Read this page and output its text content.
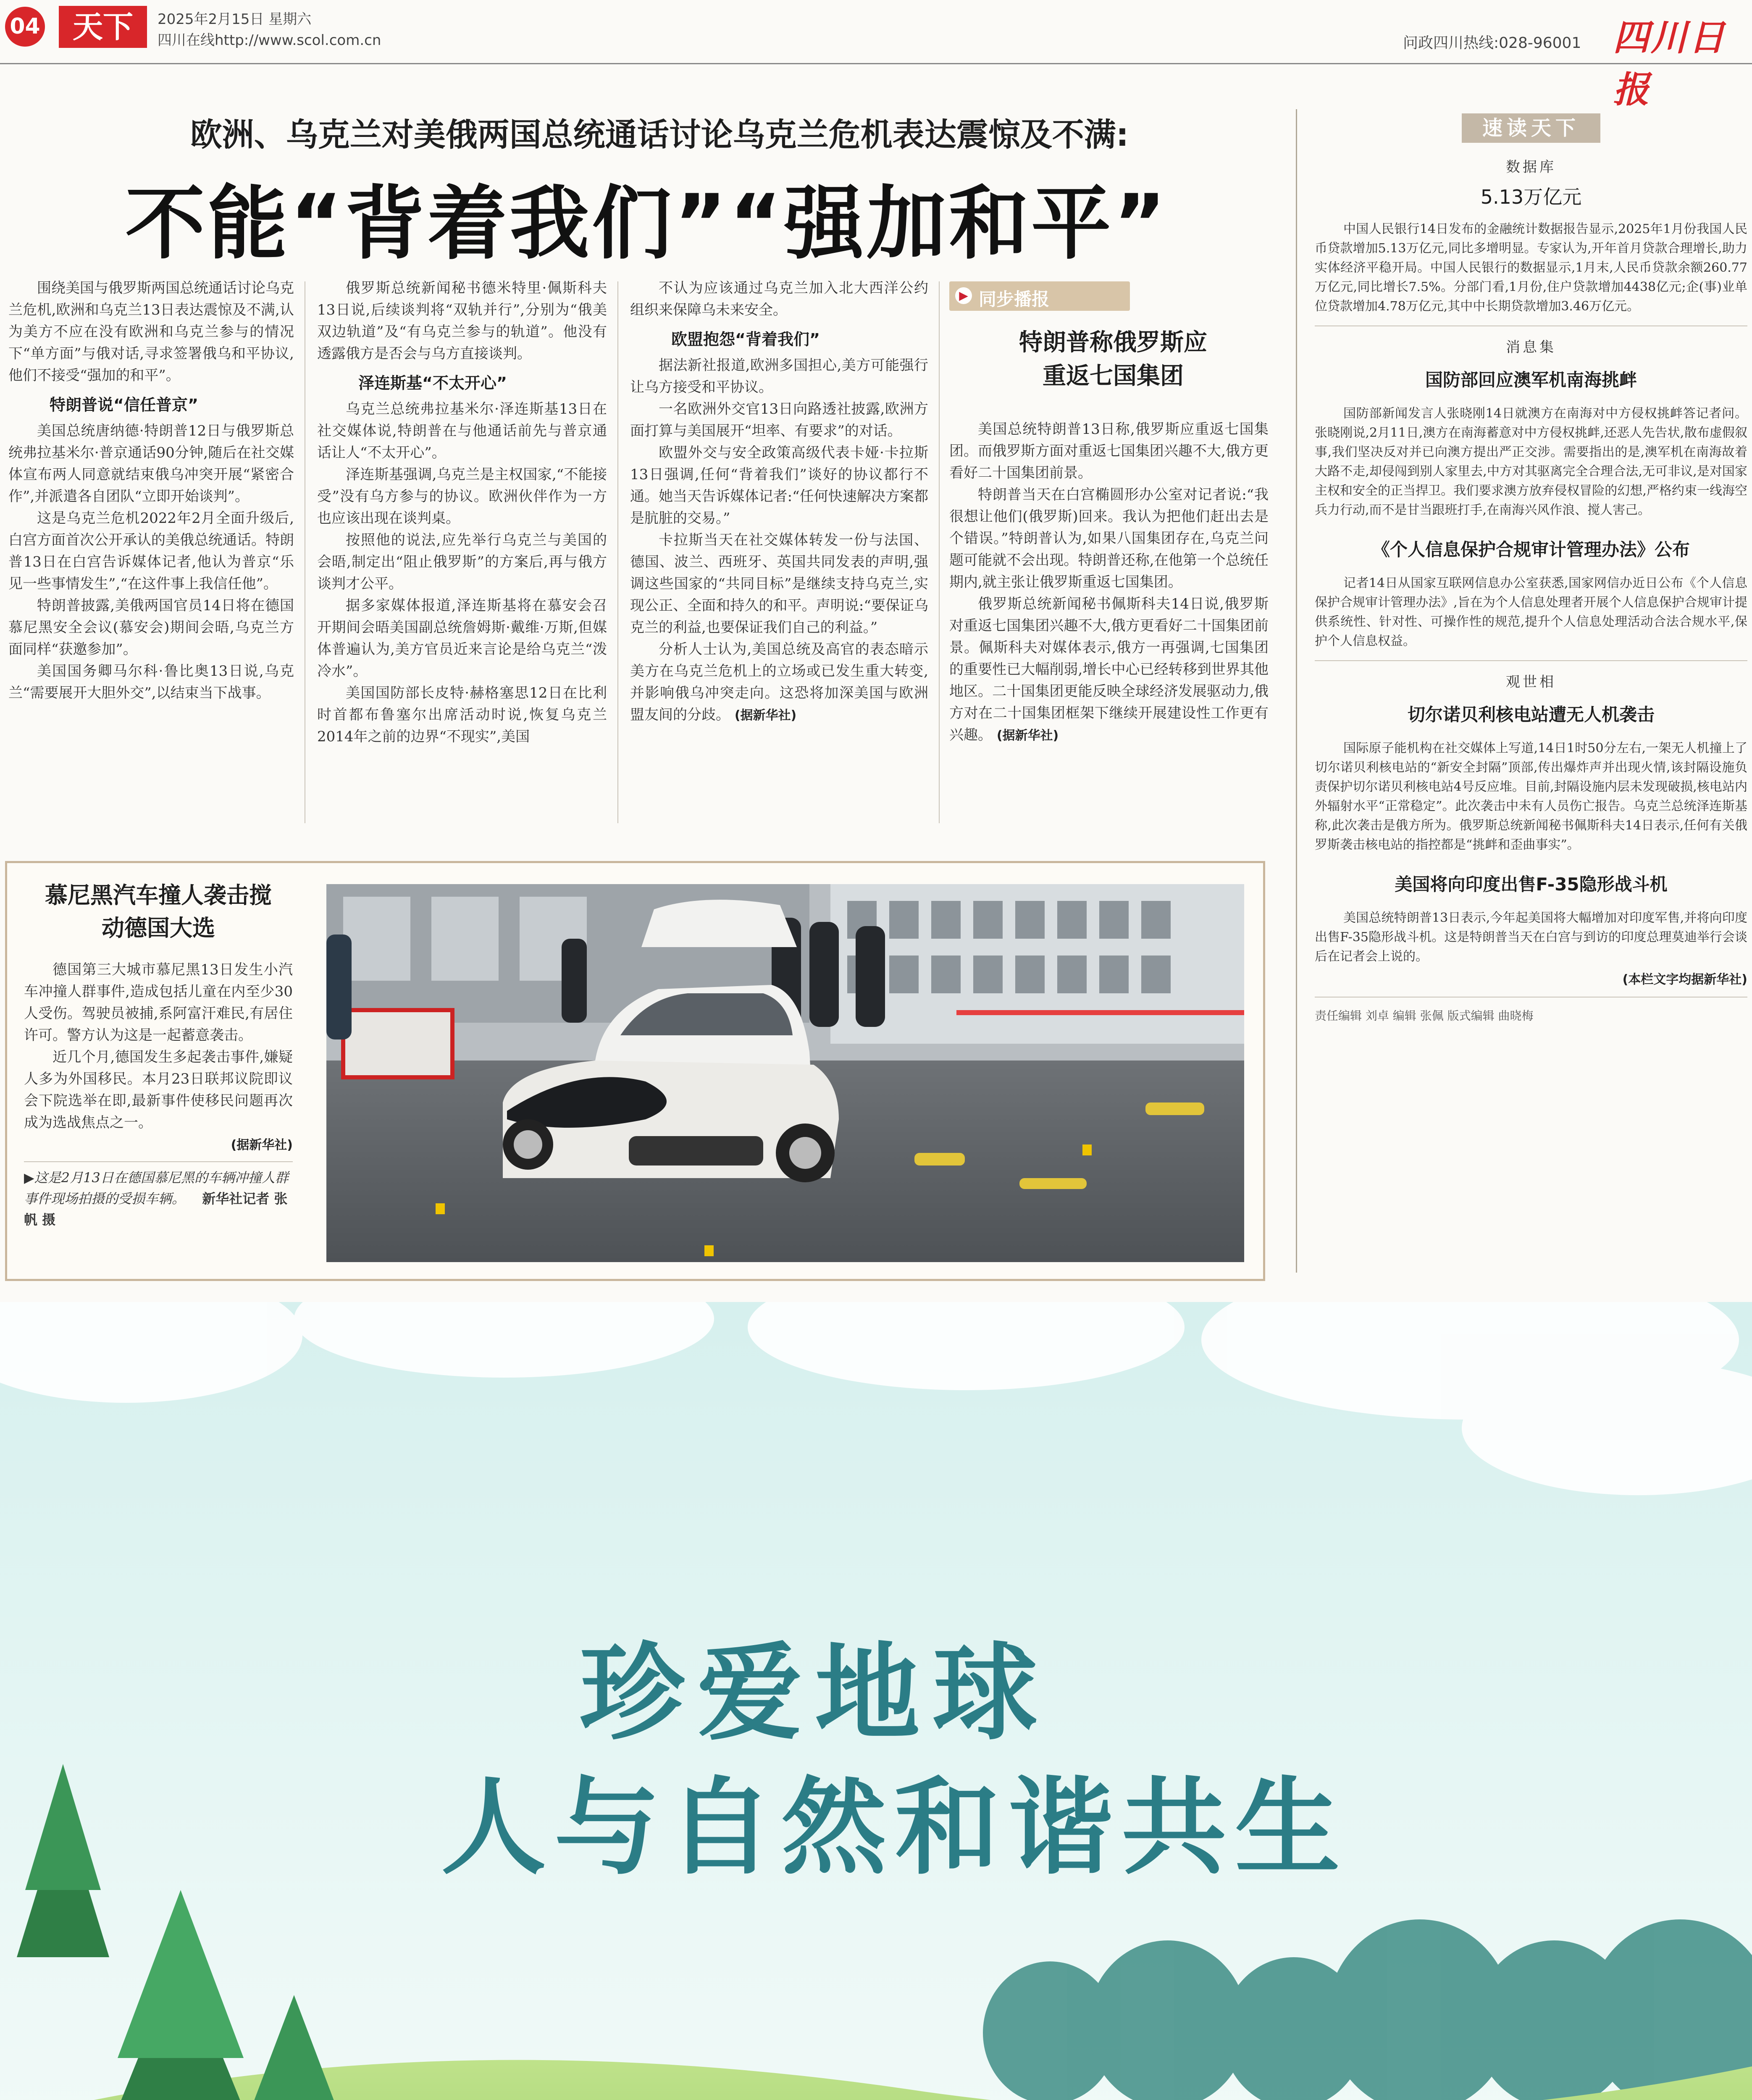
04	天下	2025年2月15日 星期六
四川在线http://www.scol.com.cn	问政四川热线:028-96001 四川日报
欧洲、乌克兰对美俄两国总统通话讨论乌克兰危机表达震惊及不满:
不能“背着我们”“强加和平”

围绕美国与俄罗斯两国总统通话讨论乌克兰危机,欧洲和乌克兰13日表达震惊及不满,认为美方不应在没有欧洲和乌克兰参与的情况下“单方面”与俄对话,寻求签署俄乌和平协议,他们不接受“强加的和平”。

特朗普说“信任普京”

美国总统唐纳德·特朗普12日与俄罗斯总统弗拉基米尔·普京通话90分钟,随后在社交媒体宣布两人同意就结束俄乌冲突开展“紧密合作”,并派遣各自团队“立即开始谈判”。

这是乌克兰危机2022年2月全面升级后,白宫方面首次公开承认的美俄总统通话。特朗普13日在白宫告诉媒体记者,他认为普京“乐见一些事情发生”,“在这件事上我信任他”。

特朗普披露,美俄两国官员14日将在德国慕尼黑安全会议(慕安会)期间会晤,乌克兰方面同样“获邀参加”。

美国国务卿马尔科·鲁比奥13日说,乌克兰“需要展开大胆外交”,以结束当下战事。

俄罗斯总统新闻秘书德米特里·佩斯科夫13日说,后续谈判将“双轨并行”,分别为“俄美双边轨道”及“有乌克兰参与的轨道”。他没有透露俄方是否会与乌方直接谈判。

泽连斯基“不太开心”

乌克兰总统弗拉基米尔·泽连斯基13日在社交媒体说,特朗普在与他通话前先与普京通话让人“不太开心”。

泽连斯基强调,乌克兰是主权国家,“不能接受”没有乌方参与的协议。欧洲伙伴作为一方也应该出现在谈判桌。

按照他的说法,应先举行乌克兰与美国的会晤,制定出“阻止俄罗斯”的方案后,再与俄方谈判才公平。

据多家媒体报道,泽连斯基将在慕安会召开期间会晤美国副总统詹姆斯·戴维·万斯,但媒体普遍认为,美方官员近来言论是给乌克兰“泼冷水”。

美国国防部长皮特·赫格塞思12日在比利时首都布鲁塞尔出席活动时说,恢复乌克兰2014年之前的边界“不现实”,美国

不认为应该通过乌克兰加入北大西洋公约组织来保障乌未来安全。

欧盟抱怨“背着我们”

据法新社报道,欧洲多国担心,美方可能强行让乌方接受和平协议。

一名欧洲外交官13日向路透社披露,欧洲方面打算与美国展开“坦率、有要求”的对话。

欧盟外交与安全政策高级代表卡娅·卡拉斯13日强调,任何“背着我们”谈好的协议都行不通。她当天告诉媒体记者:“任何快速解决方案都是肮脏的交易。”

卡拉斯当天在社交媒体转发一份与法国、德国、波兰、西班牙、英国共同发表的声明,强调这些国家的“共同目标”是继续支持乌克兰,实现公正、全面和持久的和平。声明说:“要保证乌克兰的利益,也要保证我们自己的利益。”

分析人士认为,美国总统及高官的表态暗示美方在乌克兰危机上的立场或已发生重大转变,并影响俄乌冲突走向。这恐将加深美国与欧洲盟友间的分歧。 (据新华社)

▶ 同步播报
特朗普称俄罗斯应重返七国集团

美国总统特朗普13日称,俄罗斯应重返七国集团。而俄罗斯方面对重返七国集团兴趣不大,俄方更看好二十国集团前景。

特朗普当天在白宫椭圆形办公室对记者说:“我很想让他们(俄罗斯)回来。我认为把他们赶出去是个错误。”特朗普认为,如果八国集团存在,乌克兰问题可能就不会出现。特朗普还称,在他第一个总统任期内,就主张让俄罗斯重返七国集团。

俄罗斯总统新闻秘书佩斯科夫14日说,俄罗斯对重返七国集团兴趣不大,俄方更看好二十国集团前景。佩斯科夫对媒体表示,俄方一再强调,七国集团的重要性已大幅削弱,增长中心已经转移到世界其他地区。二十国集团更能反映全球经济发展驱动力,俄方对在二十国集团框架下继续开展建设性工作更有兴趣。 (据新华社)

慕尼黑汽车撞人袭击搅动德国大选

德国第三大城市慕尼黑13日发生小汽车冲撞人群事件,造成包括儿童在内至少30人受伤。驾驶员被捕,系阿富汗难民,有居住许可。警方认为这是一起蓄意袭击。

近几个月,德国发生多起袭击事件,嫌疑人多为外国移民。本月23日联邦议院即议会下院选举在即,最新事件使移民问题再次成为选战焦点之一。

(据新华社)
▶这是2月13日在德国慕尼黑的车辆冲撞人群事件现场拍摄的受损车辆。 新华社记者 张帆 摄
速读天下
数据库
5.13万亿元
中国人民银行14日发布的金融统计数据报告显示,2025年1月份我国人民币贷款增加5.13万亿元,同比多增明显。专家认为,开年首月贷款合理增长,助力实体经济平稳开局。中国人民银行的数据显示,1月末,人民币贷款余额260.77万亿元,同比增长7.5%。分部门看,1月份,住户贷款增加4438亿元;企(事)业单位贷款增加4.78万亿元,其中中长期贷款增加3.46万亿元。
消息集
国防部回应澳军机南海挑衅
国防部新闻发言人张晓刚14日就澳方在南海对中方侵权挑衅答记者问。张晓刚说,2月11日,澳方在南海蓄意对中方侵权挑衅,还恶人先告状,散布虚假叙事,我们坚决反对并已向澳方提出严正交涉。需要指出的是,澳军机在南海故着大路不走,却侵闯到别人家里去,中方对其驱离完全合理合法,无可非议,是对国家主权和安全的正当捍卫。我们要求澳方放弃侵权冒险的幻想,严格约束一线海空兵力行动,而不是甘当跟班打手,在南海兴风作浪、搅人害己。
《个人信息保护合规审计管理办法》公布
记者14日从国家互联网信息办公室获悉,国家网信办近日公布《个人信息保护合规审计管理办法》,旨在为个人信息处理者开展个人信息保护合规审计提供系统性、针对性、可操作性的规范,提升个人信息处理活动合法合规水平,保护个人信息权益。
观世相
切尔诺贝利核电站遭无人机袭击
国际原子能机构在社交媒体上写道,14日1时50分左右,一架无人机撞上了切尔诺贝利核电站的“新安全封隔”顶部,传出爆炸声并出现火情,该封隔设施负责保护切尔诺贝利核电站4号反应堆。目前,封隔设施内层未发现破损,核电站内外辐射水平“正常稳定”。此次袭击中未有人员伤亡报告。乌克兰总统泽连斯基称,此次袭击是俄方所为。俄罗斯总统新闻秘书佩斯科夫14日表示,任何有关俄罗斯袭击核电站的指控都是“挑衅和歪曲事实”。
美国将向印度出售F-35隐形战斗机
美国总统特朗普13日表示,今年起美国将大幅增加对印度军售,并将向印度出售F-35隐形战斗机。这是特朗普当天在白宫与到访的印度总理莫迪举行会谈后在记者会上说的。
(本栏文字均据新华社)
责任编辑 刘卓 编辑 张佩 版式编辑 曲晓梅
珍爱地球
人与自然和谐共生
